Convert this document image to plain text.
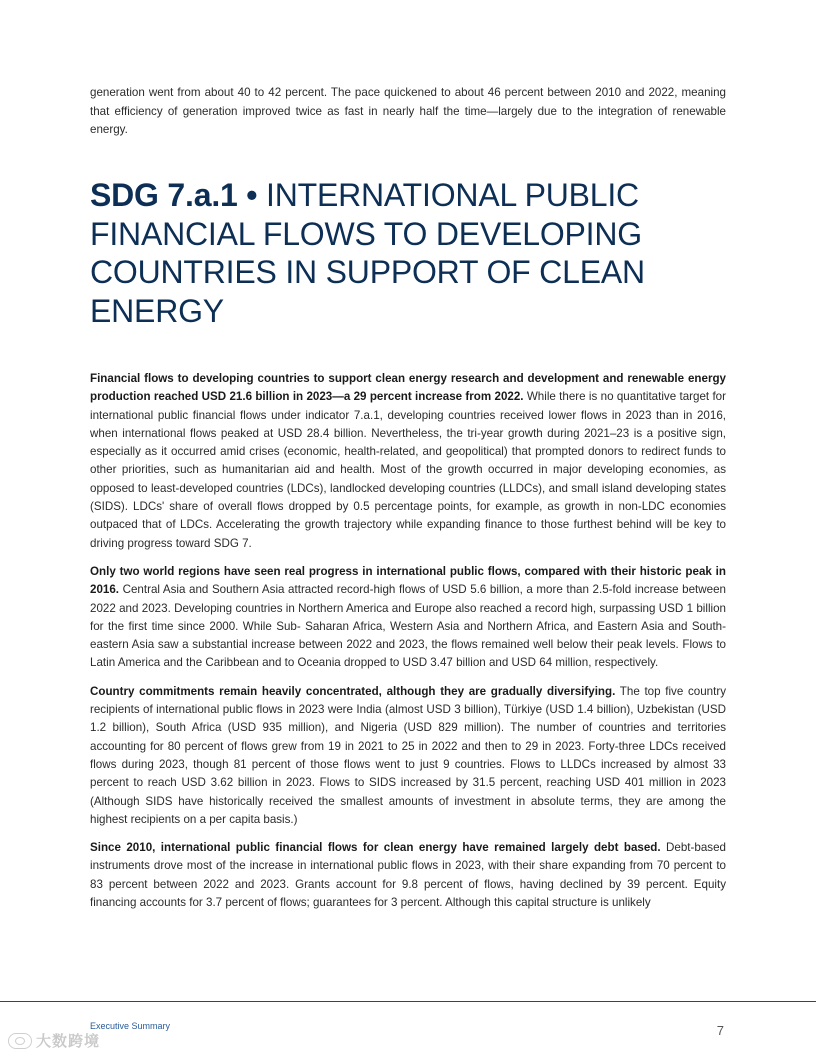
generation went from about 40 to 42 percent. The pace quickened to about 46 percent between 2010 and 2022, meaning that efficiency of generation improved twice as fast in nearly half the time—largely due to the integration of renewable energy.

SDG 7.a.1 • INTERNATIONAL PUBLIC FINANCIAL FLOWS TO DEVELOPING COUNTRIES IN SUPPORT OF CLEAN ENERGY

Financial flows to developing countries to support clean energy research and development and renewable energy production reached USD 21.6 billion in 2023—a 29 percent increase from 2022. While there is no quantitative target for international public financial flows under indicator 7.a.1, developing countries received lower flows in 2023 than in 2016, when international flows peaked at USD 28.4 billion. Nevertheless, the tri-year growth during 2021–23 is a positive sign, especially as it occurred amid crises (economic, health-related, and geopolitical) that prompted donors to redirect funds to other priorities, such as humanitarian aid and health. Most of the growth occurred in major developing economies, as opposed to least-developed countries (LDCs), landlocked developing countries (LLDCs), and small island developing states (SIDS). LDCs' share of overall flows dropped by 0.5 percentage points, for example, as growth in non-LDC economies outpaced that of LDCs. Accelerating the growth trajectory while expanding finance to those furthest behind will be key to driving progress toward SDG 7.

Only two world regions have seen real progress in international public flows, compared with their historic peak in 2016. Central Asia and Southern Asia attracted record-high flows of USD 5.6 billion, a more than 2.5-fold increase between 2022 and 2023. Developing countries in Northern America and Europe also reached a record high, surpassing USD 1 billion for the first time since 2000. While Sub- Saharan Africa, Western Asia and Northern Africa, and Eastern Asia and South-eastern Asia saw a substantial increase between 2022 and 2023, the flows remained well below their peak levels. Flows to Latin America and the Caribbean and to Oceania dropped to USD 3.47 billion and USD 64 million, respectively.

Country commitments remain heavily concentrated, although they are gradually diversifying. The top five country recipients of international public flows in 2023 were India (almost USD 3 billion), Türkiye (USD 1.4 billion), Uzbekistan (USD 1.2 billion), South Africa (USD 935 million), and Nigeria (USD 829 million). The number of countries and territories accounting for 80 percent of flows grew from 19 in 2021 to 25 in 2022 and then to 29 in 2023. Forty-three LDCs received flows during 2023, though 81 percent of those flows went to just 9 countries. Flows to LLDCs increased by almost 33 percent to reach USD 3.62 billion in 2023. Flows to SIDS increased by 31.5 percent, reaching USD 401 million in 2023 (Although SIDS have historically received the smallest amounts of investment in absolute terms, they are among the highest recipients on a per capita basis.)

Since 2010, international public financial flows for clean energy have remained largely debt based. Debt-based instruments drove most of the increase in international public flows in 2023, with their share expanding from 70 percent to 83 percent between 2022 and 2023. Grants account for 9.8 percent of flows, having declined by 39 percent. Equity financing accounts for 3.7 percent of flows; guarantees for 3 percent. Although this capital structure is unlikely

Executive Summary	7
大数跨境
